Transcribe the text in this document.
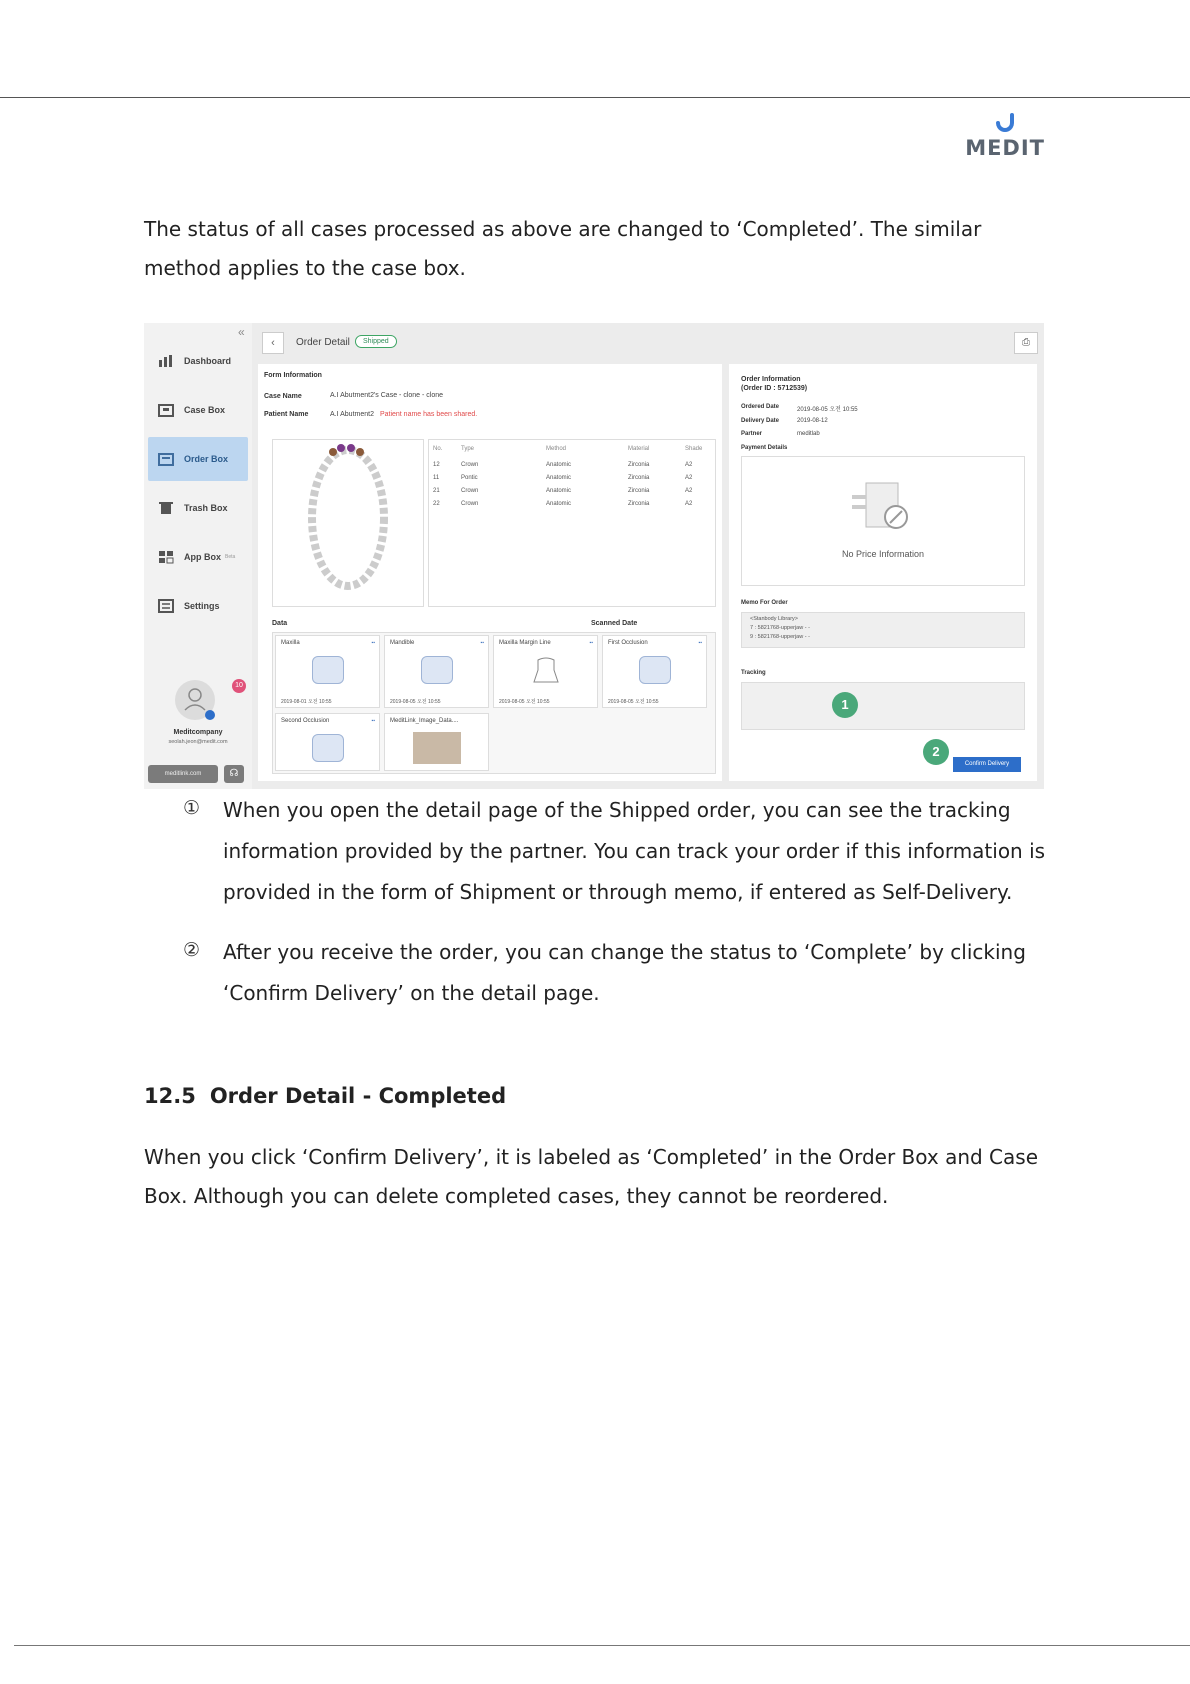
MEDIT
The status of all cases processed as above are changed to ‘Completed’. The similar method applies to the case box.
«
Dashboard
Case Box
Order Box
Trash Box
App Box Beta
Settings
10
Meditcompany
seolah.jeon@medit.com
meditlink.com	☊
‹	Order Detail	Shipped	⎙
Form Information
Case Name	A.I Abutment2's Case - clone - clone
Patient Name	A.I Abutment2 Patient name has been shared.
No.	Type	Method	Material	Shade
12	Crown	Anatomic	Zirconia	A2
11	Pontic	Anatomic	Zirconia	A2
21	Crown	Anatomic	Zirconia	A2
22	Crown	Anatomic	Zirconia	A2
Data	Scanned Date
Maxilla	▪▪
2019-08-01 오전 10:55
Mandible	▪▪
2019-08-05 오전 10:55
Maxilla Margin Line	▪▪
2019-08-05 오전 10:55
First Occlusion	▪▪
2019-08-05 오전 10:55
Second Occlusion	▪▪	MeditLink_Image_Data....
Order Information
(Order ID : 5712539)
Ordered Date	2019-08-05 오전 10:55
Delivery Date	2019-08-12
Partner	meditlab
Payment Details
No Price Information
Memo For Order
<Stanbody Library>
7 : 5821768-upperjaw - -
9 : 5821768-upperjaw - -
Tracking
1
2
Confirm Delivery
① When you open the detail page of the Shipped order, you can see the tracking information provided by the partner. You can track your order if this information is provided in the form of Shipment or through memo, if entered as Self-Delivery.
② After you receive the order, you can change the status to ‘Complete’ by clicking ‘Confirm Delivery’ on the detail page.
12.5 Order Detail - Completed
When you click ‘Confirm Delivery’, it is labeled as ‘Completed’ in the Order Box and Case Box. Although you can delete completed cases, they cannot be reordered.
